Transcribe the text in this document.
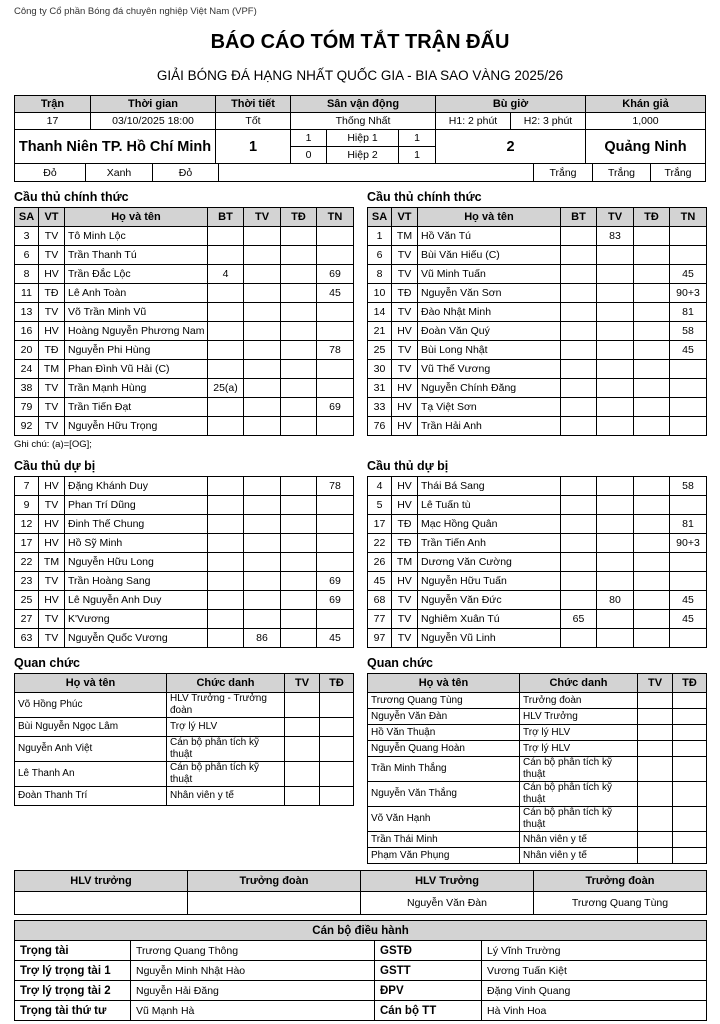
Công ty Cổ phần Bóng đá chuyên nghiệp Việt Nam (VPF)
BÁO CÁO TÓM TẮT TRẬN ĐẤU
GIẢI BÓNG ĐÁ HẠNG NHẤT QUỐC GIA - BIA SAO VÀNG 2025/26
Trận	Thời gian	Thời tiết	Sân vận động	Bù giờ	Khán giả
17	03/10/2025 18:00	Tốt	Thống Nhất	H1: 2 phút	H2: 3 phút	1,000
Thanh Niên TP. Hồ Chí Minh	1
1	Hiệp 1	1
0	Hiệp 2	1
2	Quảng Ninh
Đỏ	Xanh	Đỏ	Trắng	Trắng	Trắng
Cầu thủ chính thức	Cầu thủ chính thức
SA	VT	Họ và tên	BT	TV	TĐ	TN
3	TV	Tô Minh Lộc				
6	TV	Trần Thanh Tú				
8	HV	Trần Đắc Lộc	4			69
11	TĐ	Lê Anh Toàn				45
13	TV	Võ Trần Minh Vũ				
16	HV	Hoàng Nguyễn Phương Nam				
20	TĐ	Nguyễn Phi Hùng				78
24	TM	Phan Đình Vũ Hải (C)				
38	TV	Trần Mạnh Hùng	25(a)			
79	TV	Trần Tiến Đạt				69
92	TV	Nguyễn Hữu Trọng				
SA	VT	Họ và tên	BT	TV	TĐ	TN
1	TM	Hồ Văn Tú		83		
6	TV	Bùi Văn Hiếu (C)				
8	TV	Vũ Minh Tuấn				45
10	TĐ	Nguyễn Văn Sơn				90+3
14	TV	Đào Nhật Minh				81
21	HV	Đoàn Văn Quý				58
25	TV	Bùi Long Nhật				45
30	TV	Vũ Thế Vương				
31	HV	Nguyễn Chính Đăng				
33	HV	Tạ Việt Sơn				
76	HV	Trần Hải Anh				
Ghi chú: (a)=[OG];
Cầu thủ dự bị	Cầu thủ dự bị
7	HV	Đặng Khánh Duy				78
9	TV	Phan Trí Dũng				
12	HV	Đinh Thế Chung				
17	HV	Hồ Sỹ Minh				
22	TM	Nguyễn Hữu Long				
23	TV	Trần Hoàng Sang				69
25	HV	Lê Nguyễn Anh Duy				69
27	TV	K'Vương				
63	TV	Nguyễn Quốc Vương		86		45
4	HV	Thái Bá Sang				58
5	HV	Lê Tuấn tù				
17	TĐ	Mạc Hồng Quân				81
22	TĐ	Trần Tiến Anh				90+3
26	TM	Dương Văn Cường				
45	HV	Nguyễn Hữu Tuấn				
68	TV	Nguyễn Văn Đức		80		45
77	TV	Nghiêm Xuân Tú	65			45
97	TV	Nguyễn Vũ Linh				
Quan chức	Quan chức
Họ và tên	Chức danh	TV	TĐ
Võ Hồng Phúc	HLV Trưởng - Trưởng đoàn		
Bùi Nguyễn Ngọc Lâm	Trợ lý HLV		
Nguyễn Anh Việt	Cán bộ phân tích kỹ thuật		
Lê Thanh An	Cán bộ phân tích kỹ thuật		
Đoàn Thanh Trí	Nhân viên y tế		
Họ và tên	Chức danh	TV	TĐ
Trương Quang Tùng	Trưởng đoàn		
Nguyễn Văn Đàn	HLV Trưởng		
Hồ Văn Thuận	Trợ lý HLV		
Nguyễn Quang Hoàn	Trợ lý HLV		
Trần Minh Thắng	Cán bộ phân tích kỹ thuật		
Nguyễn Văn Thắng	Cán bộ phân tích kỹ thuật		
Võ Văn Hạnh	Cán bộ phân tích kỹ thuật		
Trần Thái Minh	Nhân viên y tế		
Phạm Văn Phụng	Nhân viên y tế		
HLV trưởng	Trưởng đoàn	HLV Trưởng	Trưởng đoàn
		Nguyễn Văn Đàn	Trương Quang Tùng
Cán bộ điều hành			
Trọng tài	Trương Quang Thông	GSTĐ	Lý Vĩnh Trường
Trợ lý trọng tài 1	Nguyễn Minh Nhật Hào	GSTT	Vương Tuấn Kiệt
Trợ lý trọng tài 2	Nguyễn Hải Đăng	ĐPV	Đặng Vinh Quang
Trọng tài thứ tư	Vũ Mạnh Hà	Cán bộ TT	Hà Vinh Hoa
